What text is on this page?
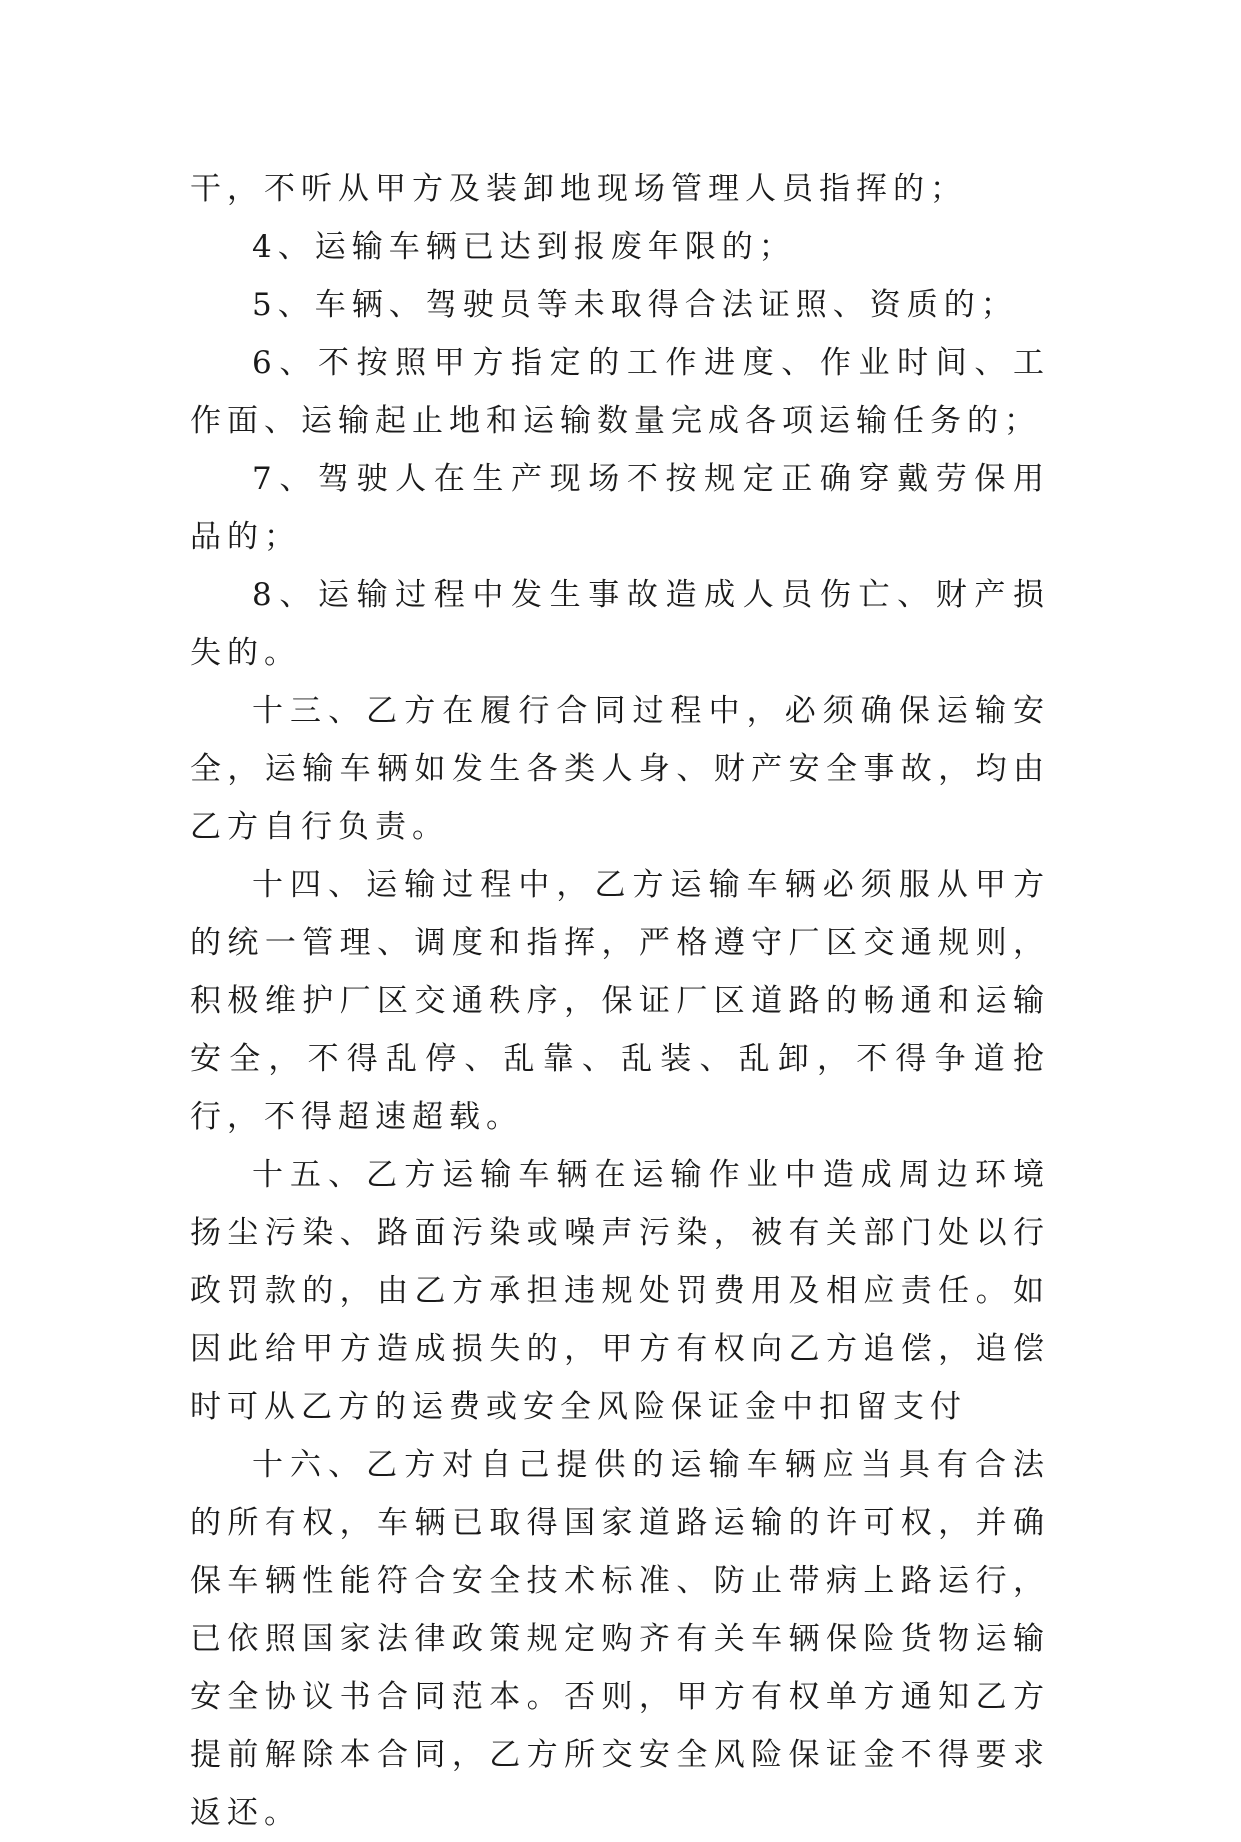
干，不听从甲方及装卸地现场管理人员指挥的；

4、运输车辆已达到报废年限的；

5、车辆、驾驶员等未取得合法证照、资质的；

6、不按照甲方指定的工作进度、作业时间、工作面、运输起止地和运输数量完成各项运输任务的；

7、驾驶人在生产现场不按规定正确穿戴劳保用品的；

8、运输过程中发生事故造成人员伤亡、财产损失的。

十三、乙方在履行合同过程中，必须确保运输安全，运输车辆如发生各类人身、财产安全事故，均由乙方自行负责。

十四、运输过程中，乙方运输车辆必须服从甲方的统一管理、调度和指挥，严格遵守厂区交通规则，积极维护厂区交通秩序，保证厂区道路的畅通和运输安全，不得乱停、乱靠、乱装、乱卸，不得争道抢行，不得超速超载。

十五、乙方运输车辆在运输作业中造成周边环境扬尘污染、路面污染或噪声污染，被有关部门处以行政罚款的，由乙方承担违规处罚费用及相应责任。如因此给甲方造成损失的，甲方有权向乙方追偿，追偿时可从乙方的运费或安全风险保证金中扣留支付

十六、乙方对自己提供的运输车辆应当具有合法的所有权，车辆已取得国家道路运输的许可权，并确保车辆性能符合安全技术标准、防止带病上路运行，已依照国家法律政策规定购齐有关车辆保险货物运输安全协议书合同范本。否则，甲方有权单方通知乙方提前解除本合同，乙方所交安全风险保证金不得要求返还。
